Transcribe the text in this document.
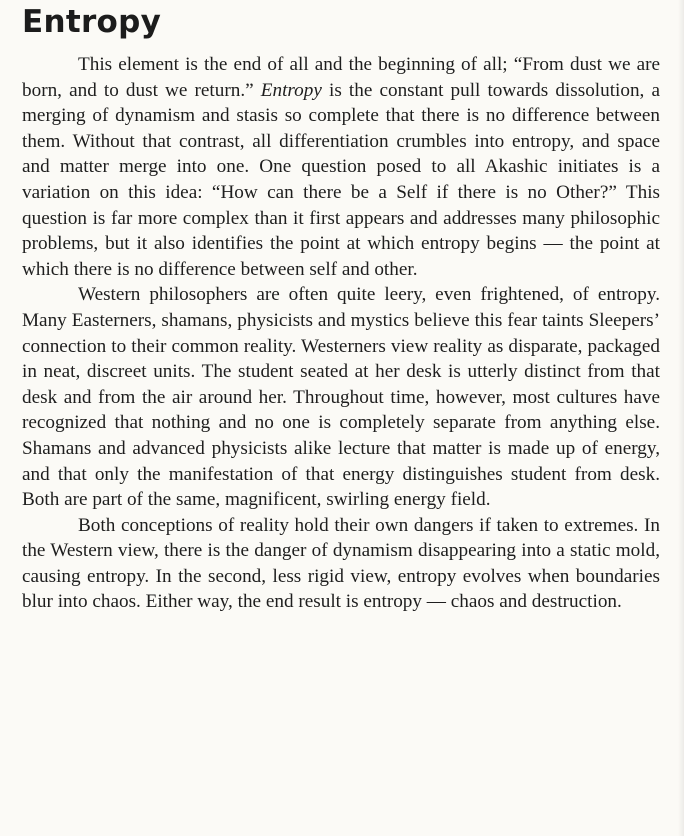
Entropy

This element is the end of all and the beginning of all; “From dust we are born, and to dust we return.” Entropy is the constant pull towards dissolution, a merging of dynamism and stasis so complete that there is no difference between them. Without that contrast, all differentiation crumbles into entropy, and space and matter merge into one. One question posed to all Akashic initiates is a variation on this idea: “How can there be a Self if there is no Other?” This question is far more complex than it first appears and addresses many philosophic problems, but it also identifies the point at which entropy begins — the point at which there is no difference between self and other.

Western philosophers are often quite leery, even frightened, of entropy. Many Easterners, shamans, physicists and mystics believe this fear taints Sleepers’ connection to their common reality. Westerners view reality as disparate, packaged in neat, discreet units. The student seated at her desk is utterly distinct from that desk and from the air around her. Throughout time, however, most cultures have recognized that nothing and no one is completely separate from anything else. Shamans and advanced physicists alike lecture that matter is made up of energy, and that only the manifestation of that energy distinguishes student from desk. Both are part of the same, magnificent, swirling energy field.

Both conceptions of reality hold their own dangers if taken to extremes. In the Western view, there is the danger of dynamism disappearing into a static mold, causing entropy. In the second, less rigid view, entropy evolves when boundaries blur into chaos. Either way, the end result is entropy — chaos and destruction.
